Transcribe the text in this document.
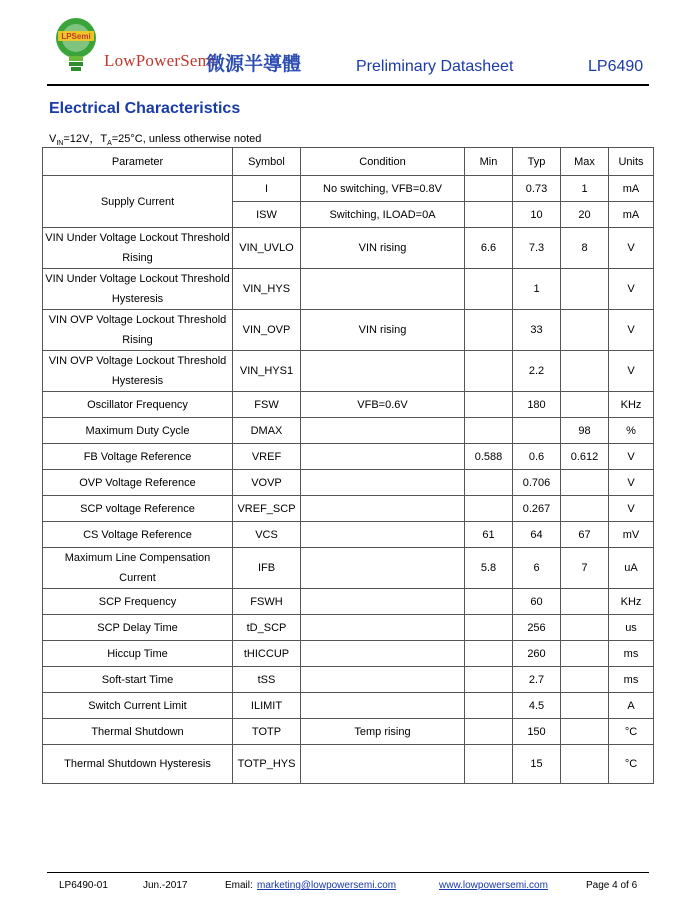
LPSemi
LowPowerSemi
微源半導體	Preliminary Datasheet	LP6490
Electrical Characteristics
$V_{IN}=12V$，$T_A=25^\circ C$, unless otherwise noted
Parameter	Symbol	Condition	Min	Typ	Max	Units
Supply Current	I	No switching, VFB=0.8V		0.73	1	mA
	ISW	Switching, ILOAD=0A		10	20	mA
VIN Under Voltage Lockout Threshold Rising	VIN_UVLO	VIN rising	6.6	7.3	8	V
VIN Under Voltage Lockout Threshold Hysteresis	VIN_HYS			1		V
VIN OVP Voltage Lockout Threshold Rising	VIN_OVP	VIN rising		33		V
VIN OVP Voltage Lockout Threshold Hysteresis	VIN_HYS1			2.2		V
Oscillator Frequency	FSW	VFB=0.6V		180		KHz
Maximum Duty Cycle	DMAX				98	%
FB Voltage Reference	VREF		0.588	0.6	0.612	V
OVP Voltage Reference	VOVP			0.706		V
SCP voltage Reference	VREF_SCP			0.267		V
CS Voltage Reference	VCS		61	64	67	mV
Maximum Line Compensation Current	IFB		5.8	6	7	uA
SCP Frequency	FSWH			60		KHz
SCP Delay Time	tD_SCP			256		us
Hiccup Time	tHICCUP			260		ms
Soft-start Time	tSS			2.7		ms
Switch Current Limit	ILIMIT			4.5		A
Thermal Shutdown	TOTP	Temp rising		150		°C
Thermal Shutdown Hysteresis	TOTP_HYS			15		°C
LP6490-01	Jun.-2017	Email: marketing@lowpowersemi.com	www.lowpowersemi.com	Page 4 of 6
